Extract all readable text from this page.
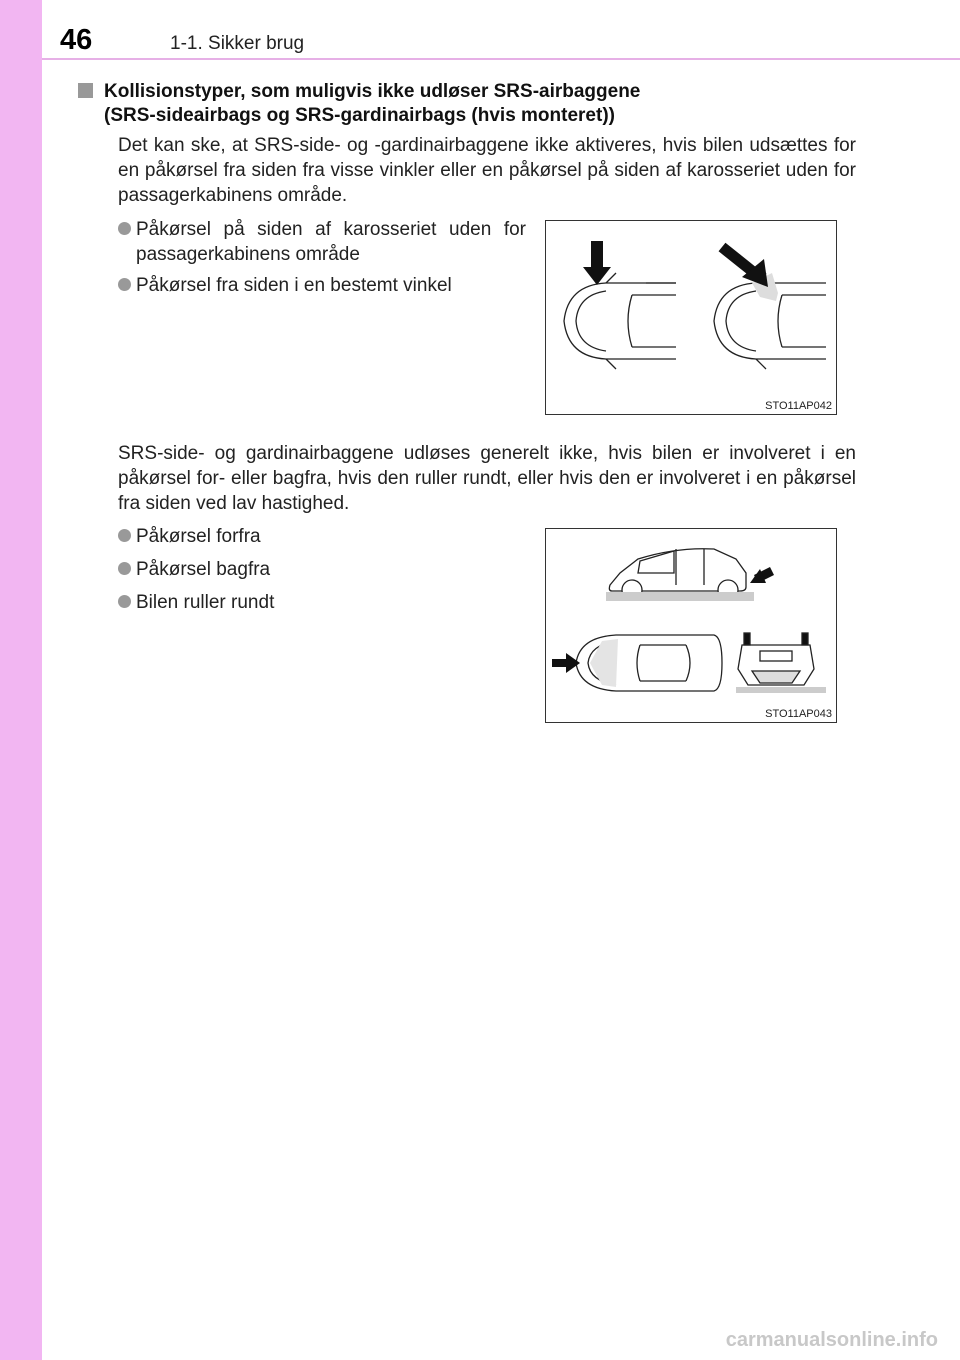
46	1-1. Sikker brug
Kollisionstyper, som muligvis ikke udløser SRS-airbaggene
(SRS-sideairbags og SRS-gardinairbags (hvis monteret))
Det kan ske, at SRS-side- og -gardinairbaggene ikke aktiveres, hvis bilen udsættes for en påkørsel fra siden fra visse vinkler eller en påkørsel på siden af karosseriet uden for passagerkabinens område.
Påkørsel på siden af karosseriet uden for passagerkabinens område
Påkørsel fra siden i en bestemt vinkel
STO11AP042
SRS-side- og gardinairbaggene udløses generelt ikke, hvis bilen er involveret i en påkørsel for- eller bagfra, hvis den ruller rundt, eller hvis den er involveret i en påkørsel fra siden ved lav hastighed.
Påkørsel forfra
Påkørsel bagfra
Bilen ruller rundt
STO11AP043
carmanualsonline.info
